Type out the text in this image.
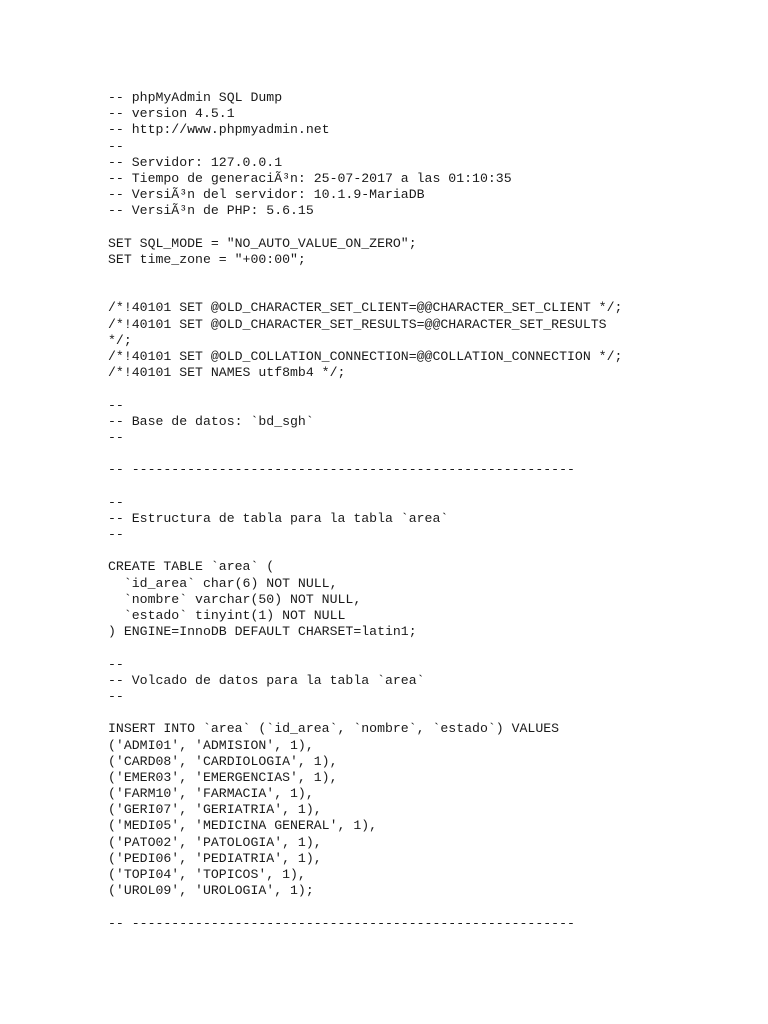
-- phpMyAdmin SQL Dump
-- version 4.5.1
-- http://www.phpmyadmin.net
--
-- Servidor: 127.0.0.1
-- Tiempo de generaciÃ³n: 25-07-2017 a las 01:10:35
-- VersiÃ³n del servidor: 10.1.9-MariaDB
-- VersiÃ³n de PHP: 5.6.15
SET SQL_MODE = "NO_AUTO_VALUE_ON_ZERO";
SET time_zone = "+00:00";
/*!40101 SET @OLD_CHARACTER_SET_CLIENT=@@CHARACTER_SET_CLIENT */;
/*!40101 SET @OLD_CHARACTER_SET_RESULTS=@@CHARACTER_SET_RESULTS
*/;
/*!40101 SET @OLD_COLLATION_CONNECTION=@@COLLATION_CONNECTION */;
/*!40101 SET NAMES utf8mb4 */;
--
-- Base de datos: `bd_sgh`
--
-- --------------------------------------------------------
--
-- Estructura de tabla para la tabla `area`
--
CREATE TABLE `area` (
`id_area` char(6) NOT NULL,
`nombre` varchar(50) NOT NULL,
`estado` tinyint(1) NOT NULL
) ENGINE=InnoDB DEFAULT CHARSET=latin1;
--
-- Volcado de datos para la tabla `area`
--
INSERT INTO `area` (`id_area`, `nombre`, `estado`) VALUES
('ADMI01', 'ADMISION', 1),
('CARD08', 'CARDIOLOGIA', 1),
('EMER03', 'EMERGENCIAS', 1),
('FARM10', 'FARMACIA', 1),
('GERI07', 'GERIATRIA', 1),
('MEDI05', 'MEDICINA GENERAL', 1),
('PATO02', 'PATOLOGIA', 1),
('PEDI06', 'PEDIATRIA', 1),
('TOPI04', 'TOPICOS', 1),
('UROL09', 'UROLOGIA', 1);
-- --------------------------------------------------------
